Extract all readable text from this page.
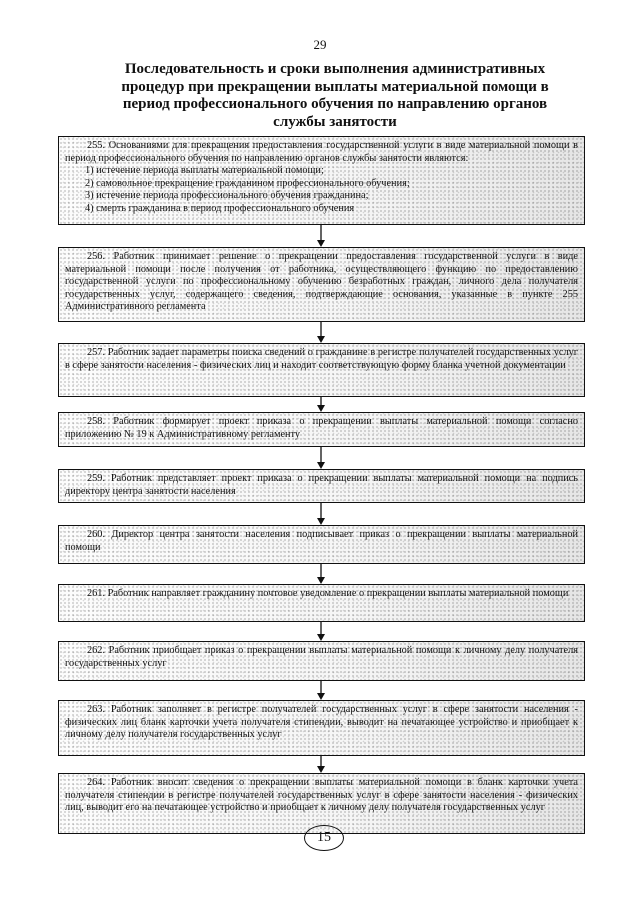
29
Последовательность и сроки выполнения административных процедур при прекращении выплаты материальной помощи в период профессионального обучения по направлению органов службы занятости

255. Основаниями для прекращения предоставления государственной услуги в виде материальной помощи в период профессионального обучения по направлению органов службы занятости являются:

1) истечение периода выплаты материальной помощи;

2) самовольное прекращение гражданином профессионального обучения;

3) истечение периода профессионального обучения гражданина;

4) смерть гражданина в период профессионального обучения

256. Работник принимает решение о прекращении предоставления государственной услуги в виде материальной помощи после получения от работника, осуществляющего функцию по предоставлению государственной услуги по профессиональному обучению безработных граждан, личного дела получателя государственных услуг, содержащего сведения, подтверждающие основания, указанные в пункте 255 Административного регламента

257. Работник задает параметры поиска сведений о гражданине в регистре получателей государственных услуг в сфере занятости населения - физических лиц и находит соответствующую форму бланка учетной документации

258. Работник формирует проект приказа о прекращении выплаты материальной помощи согласно приложению № 19 к Административному регламенту

259. Работник представляет проект приказа о прекращении выплаты материальной помощи на подпись директору центра занятости населения

260. Директор центра занятости населения подписывает приказ о прекращении выплаты материальной помощи

261. Работник направляет гражданину почтовое уведомление о прекращении выплаты материальной помощи

262. Работник приобщает приказ о прекращении выплаты материальной помощи к личному делу получателя государственных услуг

263. Работник заполняет в регистре получателей государственных услуг в сфере занятости населения - физических лиц бланк карточки учета получателя стипендии, выводит на печатающее устройство и приобщает к личному делу получателя государственных услуг

264. Работник вносит сведения о прекращении выплаты материальной помощи в бланк карточки учета получателя стипендии в регистре получателей государственных услуг в сфере занятости населения - физических лиц, выводит его на печатающее устройство и приобщает к личному делу получателя государственных услуг

15
